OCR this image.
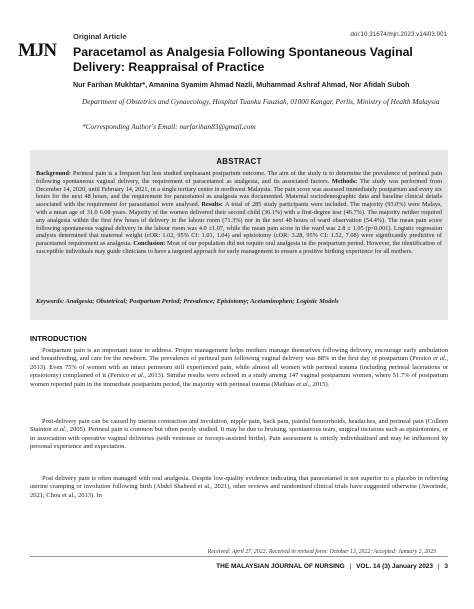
MJN
Original Article	doi:10.31674/mjn.2023.v14i03.001
Paracetamol as Analgesia Following Spontaneous Vaginal Delivery: Reappraisal of Practice
Nur Farihan Mukhtar*, Amanina Syamim Ahmad Nazli, Muhammad Ashraf Ahmad, Nor Afidah Suboh
Department of Obstetrics and Gynaecology, Hospital Tuanku Fauziah, 01000 Kangar, Perlis, Ministry of Health Malaysia
*Corresponding Author's Email: nurfarihan83@gmail.com
ABSTRACT
Background: Perineal pain is a frequent but less studied unpleasant postpartum outcome. The aim of the study is to determine the prevalence of perineal pain following spontaneous vaginal delivery, the requirement of paracetamol as analgesia, and its associated factors. Methods: The study was performed from December 14, 2020, until February 14, 2021, in a single tertiary centre in northwest Malaysia. The pain score was assessed immediately postpartum and every six hours for the next 48 hours, and the requirement for paracetamol as analgesia was documented. Maternal sociodemographic data and baseline clinical details associated with the requirement for paracetamol were analysed. Results: A total of 285 study participants were included. The majority (93.0%) were Malays, with a mean age of 31.0 6.08 years. Majority of the women delivered their second child (36.1%) with a first-degree tear (46.7%). The majority neither required any analgesia within the first few hours of delivery in the labour room (71.3%) nor in the next 48 hours of ward observation (54.4%). The mean pain score following spontaneous vaginal delivery in the labour room was 4.0 ±1.07, while the mean pain score in the ward was 2.8 ± 1.05 (p<0.001). Logistic regression analysis determined that maternal weight (cOR: 1.02, 95% CI: 1.01, 1.04) and episiotomy (cOR: 3.28, 95% CI: 1.52, 7.08) were significantly predictive of paracetamol requirement as analgesia. Conclusion: Most of our population did not require oral analgesia in the postpartum period. However, the identification of susceptible individuals may guide clinicians to have a targeted approach for early management to ensure a positive birthing experience for all mothers.
Keywords: Analgesia; Obstetrical; Postpartum Period; Prevalence; Episiotomy; Acetaminophen; Logistic Models
INTRODUCTION
Postpartum pain is an important issue to address. Proper management helps mothers manage themselves following delivery, encourage early ambulation and breastfeeding, and care for the newborn. The prevalence of perineal pain following vaginal delivery was 88% in the first day of postpartum (Persico et al., 2013). Even 75% of women with an intact perineum still experienced pain, while almost all women with perineal trauma (including perineal lacerations or episiotomy) complained of it (Persico et al., 2013). Similar results were echoed in a study among 147 vaginal postpartum women, where 51.7% of postpartum women reported pain in the immediate postpartum period, the majority with perineal trauma (Mathias et al., 2015).
Post-delivery pain can be caused by uterine contraction and involution, nipple pain, back pain, painful hemorrhoids, headaches, and perineal pain (Colleen Stainton et al., 2005). Perineal pain is common but often poorly studied. It may be due to bruising, spontaneous tears, surgical incisions such as episiotomies, or in association with operative vaginal deliveries (with ventouse or forceps-assisted births). Pain assessment is strictly individualised and may be influenced by personal experience and expectation.
Post delivery pain is often managed with oral analgesia. Despite low-quality evidence indicating that paracetamol is not superior to a placebo in relieving uterine cramping or involution following birth (Abdel Shaheed et al., 2021), other reviews and randomised clinical trials have suggested otherwise (Aworinde, 2021; Chou et al., 2013). In
Received: April 27, 2022; Received in revised form: October 13, 2022; Accepted: January 2, 2023
THE MALAYSIAN JOURNAL OF NURSING | VOL. 14 (3) January 2023 | 3
